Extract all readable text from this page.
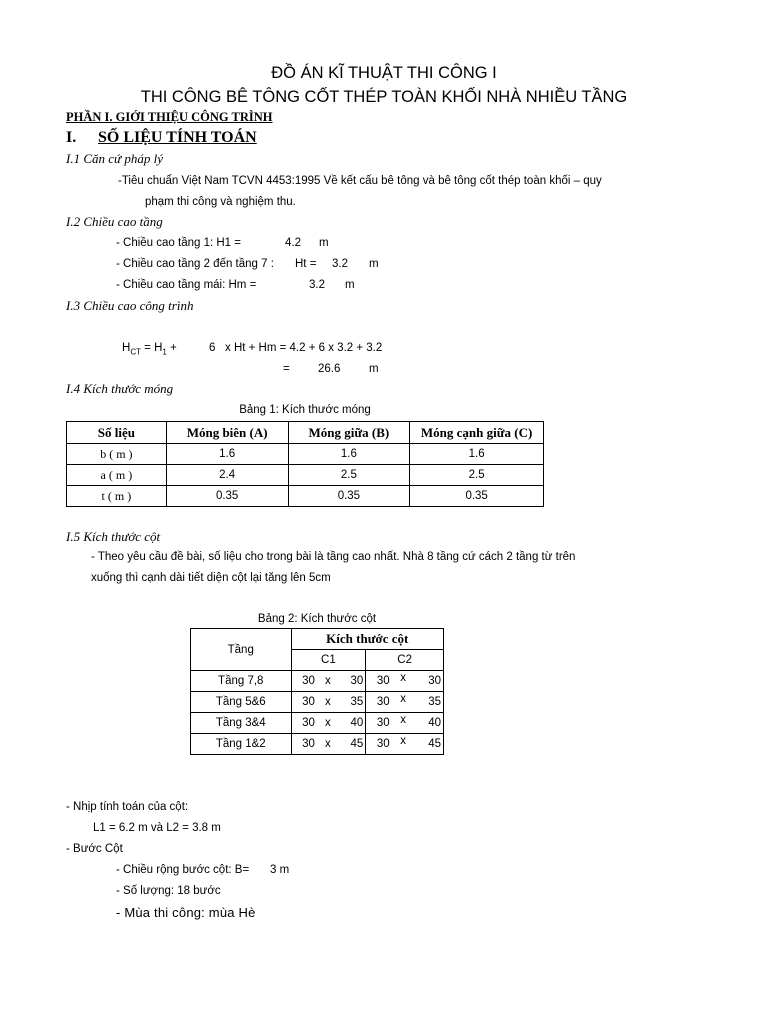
ĐỒ ÁN KĨ THUẬT THI CÔNG I
THI CÔNG BÊ TÔNG CỐT THÉP TOÀN KHỐI NHÀ NHIỀU TẦNG
PHẦN I. GIỚI THIỆU CÔNG TRÌNH
I. SỐ LIỆU TÍNH TOÁN
I.1 Căn cứ pháp lý
-Tiêu chuẩn Việt Nam TCVN 4453:1995 Về kết cấu bê tông và bê tông cốt thép toàn khối – quy
phạm thi công và nghiệm thu.
I.2 Chiều cao tầng
- Chiều cao tầng 1: H1 =	4.2 m
- Chiều cao tầng 2 đến tầng 7 : Ht = 3.2 m
- Chiều cao tầng mái: Hm =	3.2 m
I.3 Chiều cao công trình
$H_{CT} = H_1$ +	6 x Ht + Hm = 4.2 + 6 x 3.2 + 3.2
= 26.6 m
I.4 Kích thước móng
Bảng 1: Kích thước móng
Số liệu	Móng biên (A)	Móng giữa (B)	Móng cạnh giữa (C)
b ( m )	1.6	1.6	1.6
a ( m )	2.4	2.5	2.5
t ( m )	0.35	0.35	0.35
I.5 Kích thước cột
- Theo yêu cầu đề bài, số liệu cho trong bài là tầng cao nhất. Nhà 8 tầng cứ cách 2 tầng từ trên
xuống thì cạnh dài tiết diện cột lại tăng lên 5cm
Bảng 2: Kích thước cột
Tầng	Kích thước cột					
	C1			C2		
Tầng 7,8	30	x	30	30	x	30
Tầng 5&6	30	x	35	30	x	35
Tầng 3&4	30	x	40	30	x	40
Tầng 1&2	30	x	45	30	x	45
- Nhịp tính toán của cột:
L1 = 6.2 m và L2 = 3.8 m
- Bước Cột
- Chiều rộng bước cột: B= 3 m
- Số lượng: 18 bước
- Mùa thi công: mùa Hè
